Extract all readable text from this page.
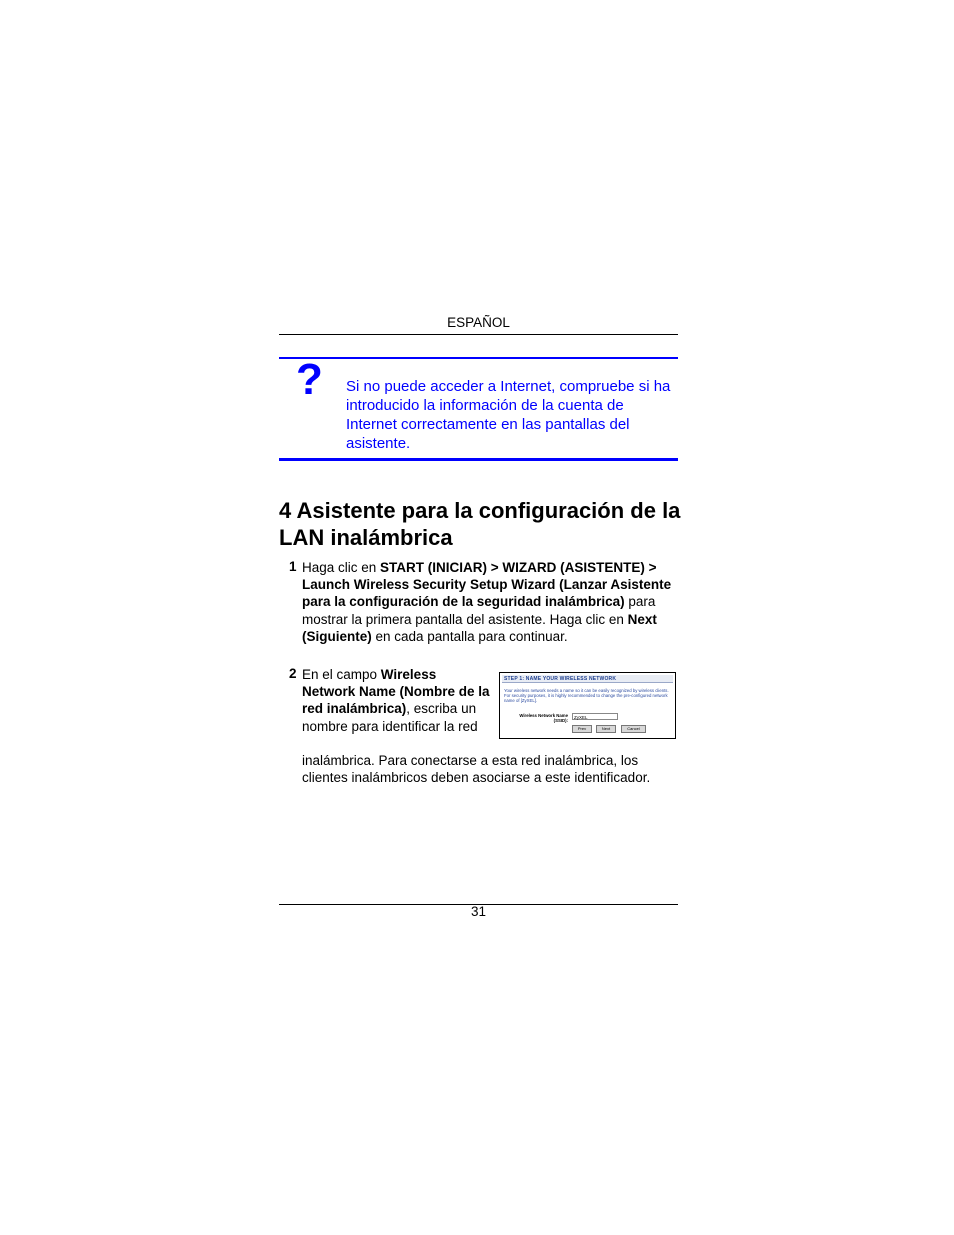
ESPAÑOL
? Si no puede acceder a Internet, compruebe si ha introducido la información de la cuenta de Internet correctamente en las pantallas del asistente.
4 Asistente para la configuración de la LAN inalámbrica
1 Haga clic en START (INICIAR) > WIZARD (ASISTENTE) > Launch Wireless Security Setup Wizard (Lanzar Asistente para la configuración de la seguridad inalámbrica) para mostrar la primera pantalla del asistente. Haga clic en Next (Siguiente) en cada pantalla para continuar.
2 En el campo Wireless Network Name (Nombre de la red inalámbrica), escriba un nombre para identificar la red
inalámbrica. Para conectarse a esta red inalámbrica, los clientes inalámbricos deben asociarse a este identificador.
STEP 1: NAME YOUR WIRELESS NETWORK
Your wireless network needs a name so it can be easily recognized by wireless clients. For security purposes, it is highly recommended to change the pre-configured network name of [ZyXEL].
Wireless Network Name (SSID):
ZyXEL
Prev	Next	Cancel
31
